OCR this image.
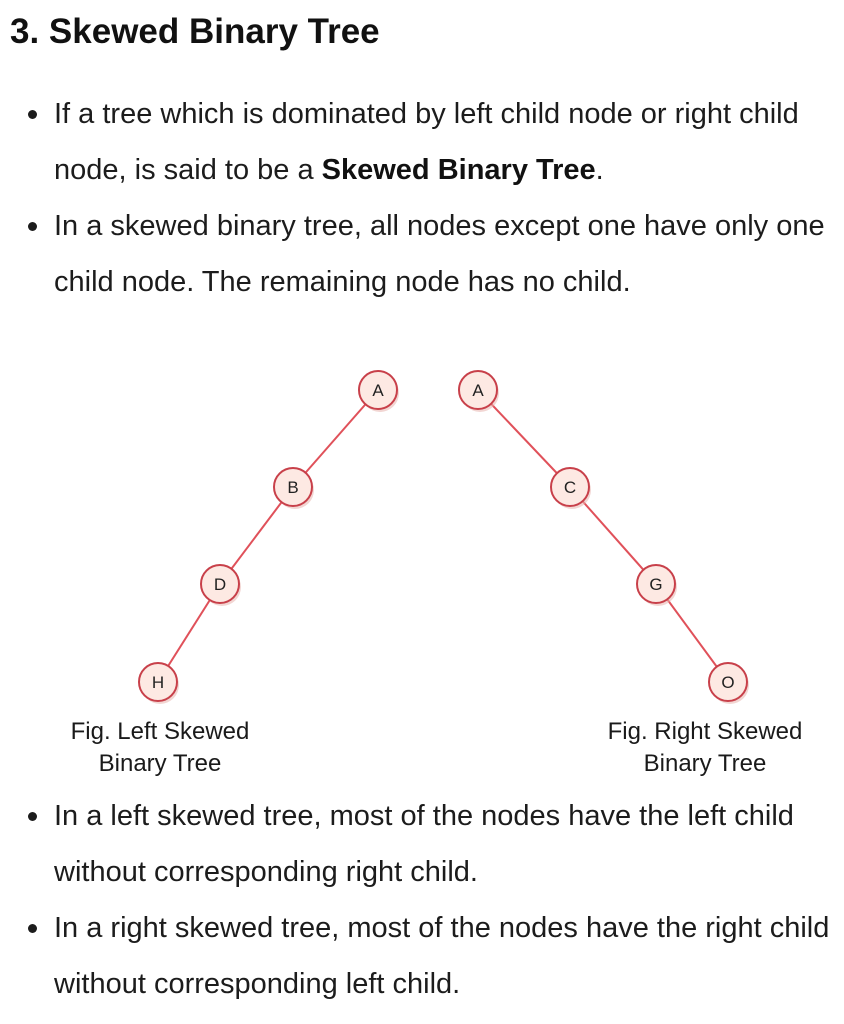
3. Skewed Binary Tree
If a tree which is dominated by left child node or right child node, is said to be a Skewed Binary Tree.
In a skewed binary tree, all nodes except one have only one child node. The remaining node has no child.
A
B
D
H
A
C
G
O
Fig. Left Skewed
Binary Tree
Fig. Right Skewed
Binary Tree
In a left skewed tree, most of the nodes have the left child without corresponding right child.
In a right skewed tree, most of the nodes have the right child without corresponding left child.
